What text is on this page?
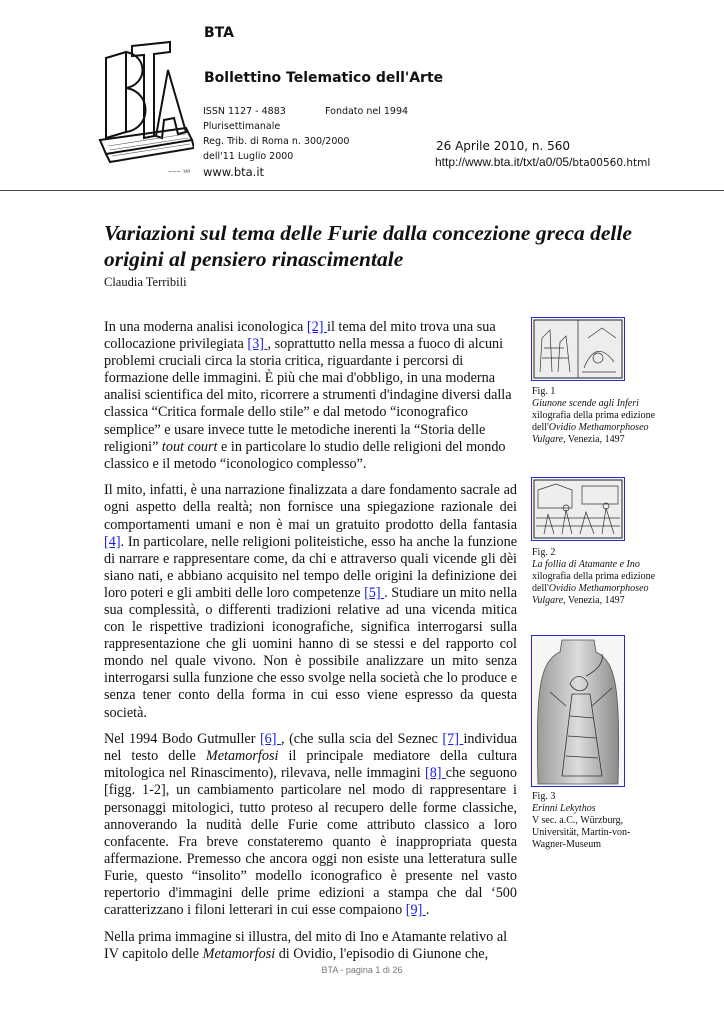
BTA
~~~ ’99
BTA
Bollettino Telematico dell'Arte
ISSN 1127 - 4883	Fondato nel 1994
Plurisettimanale
Reg. Trib. di Roma n. 300/2000
dell'11 Luglio 2000
www.bta.it
26 Aprile 2010, n. 560
http://www.bta.it/txt/a0/05/bta00560.html
Variazioni sul tema delle Furie dalla concezione greca delle origini al pensiero rinascimentale
Claudia Terribili

In una moderna analisi iconologica [2] il tema del mito trova una sua collocazione privilegiata [3] , soprattutto nella messa a fuoco di alcuni problemi cruciali circa la storia critica, riguardante i percorsi di formazione delle immagini. È più che mai d'obbligo, in una moderna analisi scientifica del mito, ricorrere a strumenti d'indagine diversi dalla classica “Critica formale dello stile” e dal metodo “iconografico semplice” e usare invece tutte le metodiche inerenti la “Storia delle religioni” tout court e in particolare lo studio delle religioni del mondo classico e il metodo “iconologico complesso”.

Il mito, infatti, è una narrazione finalizzata a dare fondamento sacrale ad ogni aspetto della realtà; non fornisce una spiegazione razionale dei comportamenti umani e non è mai un gratuito prodotto della fantasia [4]. In particolare, nelle religioni politeistiche, esso ha anche la funzione di narrare e rappresentare come, da chi e attraverso quali vicende gli dèi siano nati, e abbiano acquisito nel tempo delle origini la definizione dei loro poteri e gli ambiti delle loro competenze [5] . Studiare un mito nella sua complessità, o differenti tradizioni relative ad una vicenda mitica con le rispettive tradizioni iconografiche, significa interrogarsi sulla rappresentazione che gli uomini hanno di se stessi e del rapporto col mondo nel quale vivono. Non è possibile analizzare un mito senza interrogarsi sulla funzione che esso svolge nella società che lo produce e senza tener conto della forma in cui esso viene espresso da questa società.

Nel 1994 Bodo Gutmuller [6] , (che sulla scia del Seznec [7] individua nel testo delle Metamorfosi il principale mediatore della cultura mitologica nel Rinascimento), rilevava, nelle immagini [8] che seguono [figg. 1-2], un cambiamento particolare nel modo di rappresentare i personaggi mitologici, tutto proteso al recupero delle forme classiche, annoverando la nudità delle Furie come attributo classico a loro confacente. Fra breve constateremo quanto è inappropriata questa affermazione. Premesso che ancora oggi non esiste una letteratura sulle Furie, questo “insolito” modello iconografico è presente nel vasto repertorio d'immagini delle prime edizioni a stampa che dal ‘500 caratterizzano i filoni letterari in cui esse compaiono [9] .

Nella prima immagine si illustra, del mito di Ino e Atamante relativo al IV capitolo delle Metamorfosi di Ovidio, l'episodio di Giunone che,

Fig. 1
Giunone scende agli Inferi
xilografia della prima edizione dell'Ovidio Methamorphoseo Vulgare, Venezia, 1497
Fig. 2
La follia di Atamante e Ino
xilografia della prima edizione dell'Ovidio Methamorphoseo Vulgare, Venezia, 1497
Fig. 3
Erinni Lekythos
V sec. a.C., Würzburg,
Universität, Martin-von-
Wagner-Museum
BTA - pagina 1 di 26
